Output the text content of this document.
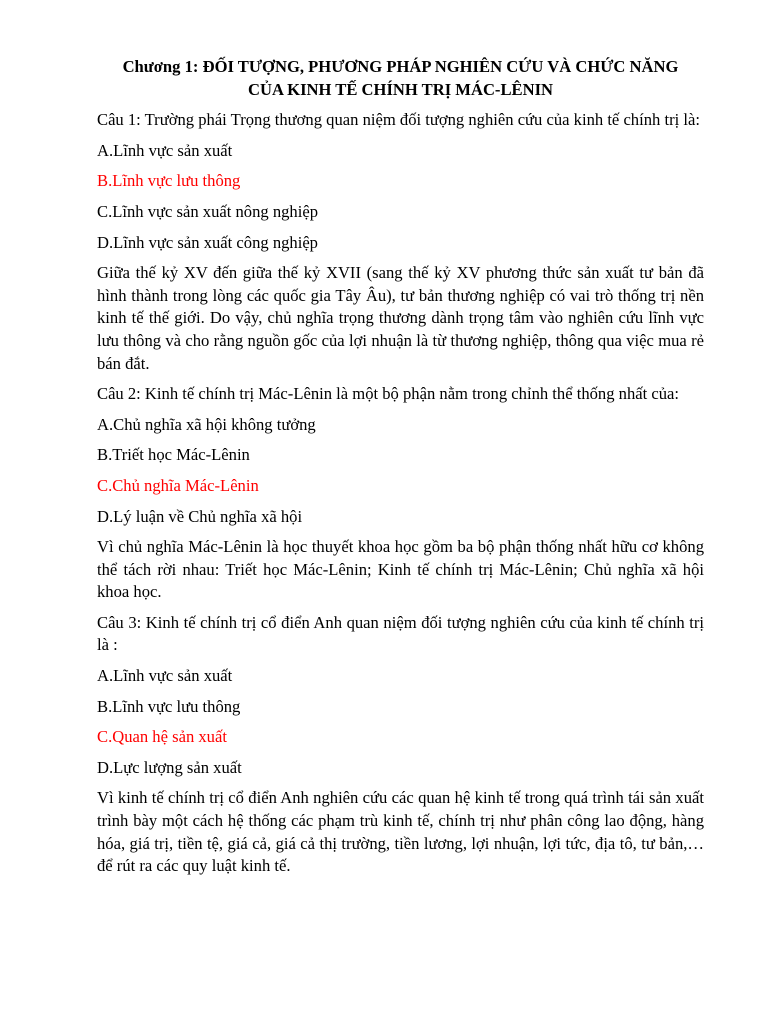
Chương 1: ĐỐI TƯỢNG, PHƯƠNG PHÁP NGHIÊN CỨU VÀ CHỨC NĂNG
CỦA KINH TẾ CHÍNH TRỊ MÁC-LÊNIN

Câu 1: Trường phái Trọng thương quan niệm đối tượng nghiên cứu của kinh tế chính trị là:

A.Lĩnh vực sản xuất

B.Lĩnh vực lưu thông

C.Lĩnh vực sản xuất nông nghiệp

D.Lĩnh vực sản xuất công nghiệp

Giữa thế kỷ XV đến giữa thế kỷ XVII (sang thế kỷ XV phương thức sản xuất tư bản đã hình thành trong lòng các quốc gia Tây Âu), tư bản thương nghiệp có vai trò thống trị nền kinh tế thế giới. Do vậy, chủ nghĩa trọng thương dành trọng tâm vào nghiên cứu lĩnh vực lưu thông và cho rằng nguồn gốc của lợi nhuận là từ thương nghiệp, thông qua việc mua rẻ bán đắt.

Câu 2: Kinh tế chính trị Mác-Lênin là một bộ phận nằm trong chỉnh thể thống nhất của:

A.Chủ nghĩa xã hội không tưởng

B.Triết học Mác-Lênin

C.Chủ nghĩa Mác-Lênin

D.Lý luận về Chủ nghĩa xã hội

Vì chủ nghĩa Mác-Lênin là học thuyết khoa học gồm ba bộ phận thống nhất hữu cơ không thể tách rời nhau: Triết học Mác-Lênin; Kinh tế chính trị Mác-Lênin; Chủ nghĩa xã hội khoa học.

Câu 3: Kinh tế chính trị cổ điển Anh quan niệm đối tượng nghiên cứu của kinh tế chính trị là :

A.Lĩnh vực sản xuất

B.Lĩnh vực lưu thông

C.Quan hệ sản xuất

D.Lực lượng sản xuất

Vì kinh tế chính trị cổ điển Anh nghiên cứu các quan hệ kinh tế trong quá trình tái sản xuất trình bày một cách hệ thống các phạm trù kinh tế, chính trị như phân công lao động, hàng hóa, giá trị, tiền tệ, giá cả, giá cả thị trường, tiền lương, lợi nhuận, lợi tức, địa tô, tư bản,… để rút ra các quy luật kinh tế.
